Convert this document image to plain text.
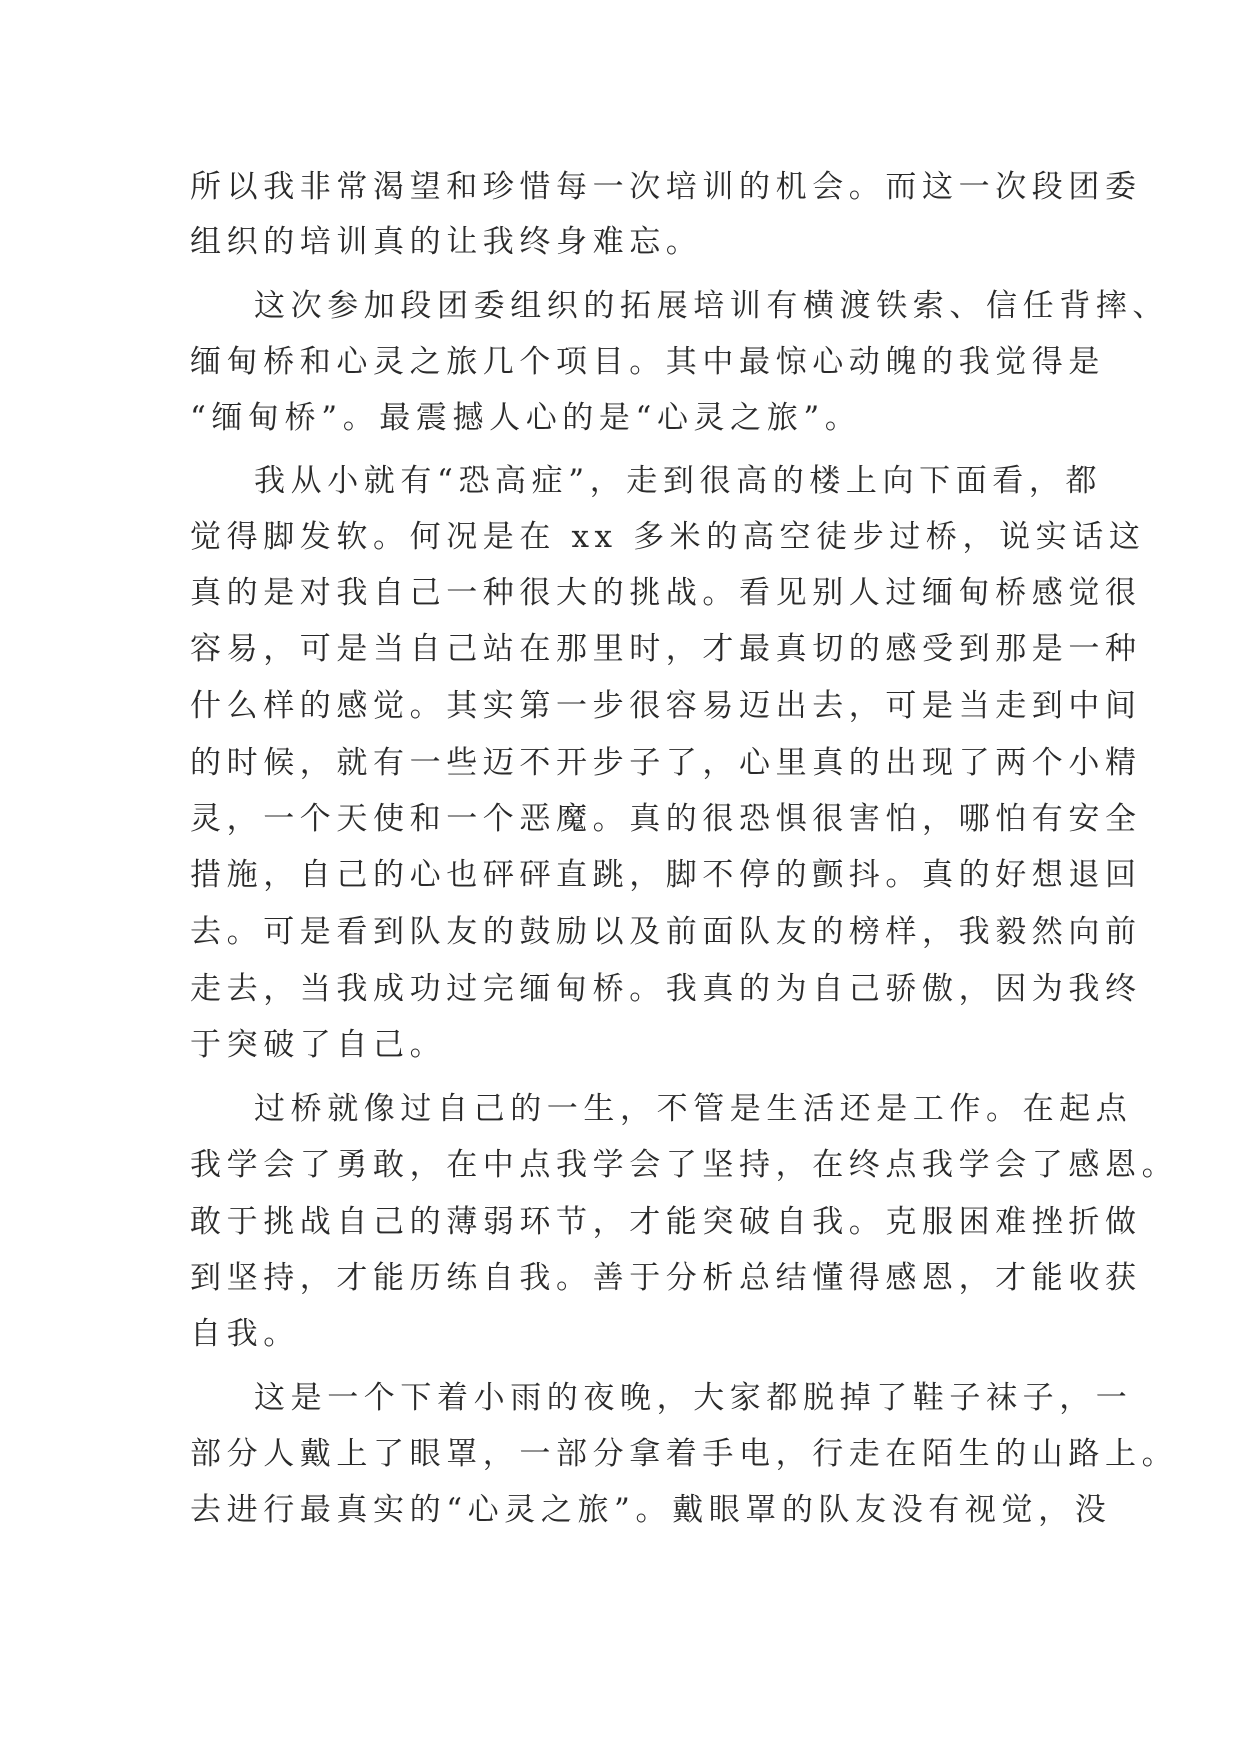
所以我非常渴望和珍惜每一次培训的机会。而这一次段团委
组织的培训真的让我终身难忘。
这次参加段团委组织的拓展培训有横渡铁索、信任背摔、
缅甸桥和心灵之旅几个项目。其中最惊心动魄的我觉得是
“缅甸桥”。最震撼人心的是“心灵之旅”。
我从小就有“恐高症”，走到很高的楼上向下面看，都
觉得脚发软。何况是在 xx 多米的高空徒步过桥，说实话这
真的是对我自己一种很大的挑战。看见别人过缅甸桥感觉很
容易，可是当自己站在那里时，才最真切的感受到那是一种
什么样的感觉。其实第一步很容易迈出去，可是当走到中间
的时候，就有一些迈不开步子了，心里真的出现了两个小精
灵，一个天使和一个恶魔。真的很恐惧很害怕，哪怕有安全
措施，自己的心也砰砰直跳，脚不停的颤抖。真的好想退回
去。可是看到队友的鼓励以及前面队友的榜样，我毅然向前
走去，当我成功过完缅甸桥。我真的为自己骄傲，因为我终
于突破了自己。
过桥就像过自己的一生，不管是生活还是工作。在起点
我学会了勇敢，在中点我学会了坚持，在终点我学会了感恩。
敢于挑战自己的薄弱环节，才能突破自我。克服困难挫折做
到坚持，才能历练自我。善于分析总结懂得感恩，才能收获
自我。
这是一个下着小雨的夜晚，大家都脱掉了鞋子袜子，一
部分人戴上了眼罩，一部分拿着手电，行走在陌生的山路上。
去进行最真实的“心灵之旅”。戴眼罩的队友没有视觉，没
